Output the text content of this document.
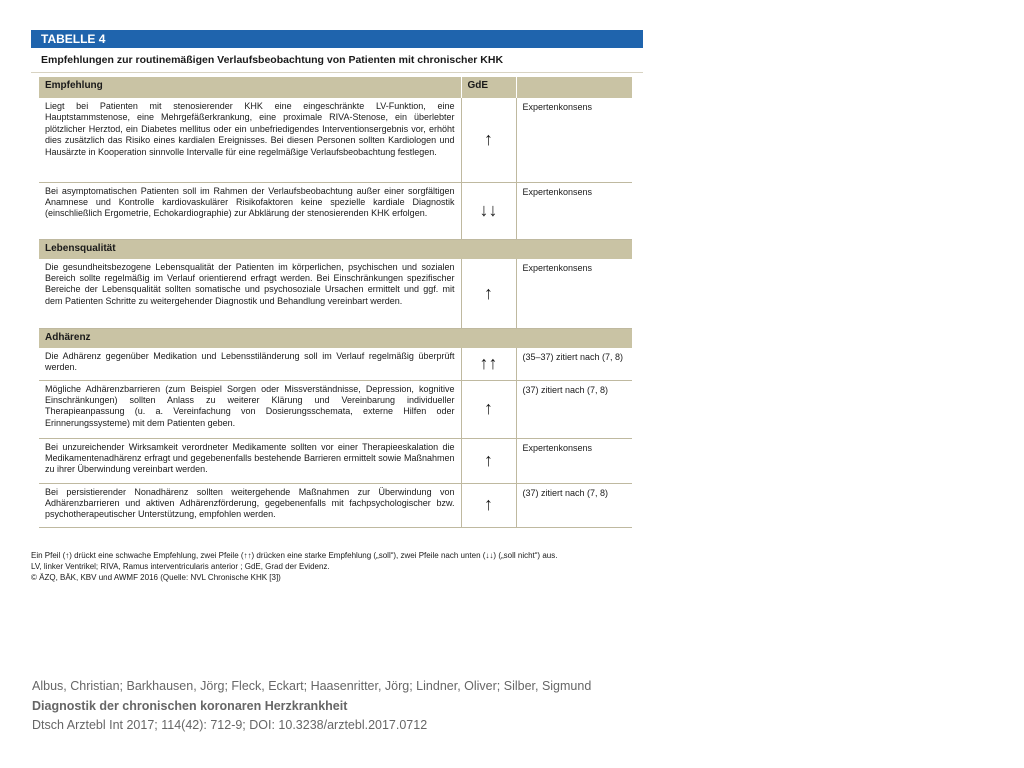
TABELLE 4
Empfehlungen zur routinemäßigen Verlaufsbeobachtung von Patienten mit chronischer KHK
Empfehlung	GdE	
Liegt bei Patienten mit stenosierender KHK eine eingeschränkte LV-Funktion, eine Hauptstammstenose, eine Mehrgefäßerkrankung, eine proximale RIVA-Stenose, ein überlebter plötzlicher Herztod, ein Diabetes mellitus oder ein unbefriedigendes Interventionsergebnis vor, erhöht dies zusätzlich das Risiko eines kardialen Ereignisses. Bei diesen Personen sollten Kardiologen und Hausärzte in Kooperation sinnvolle Intervalle für eine regelmäßige Verlaufsbeobachtung festlegen.	↑	Expertenkonsens
Bei asymptomatischen Patienten soll im Rahmen der Verlaufsbeobachtung außer einer sorgfältigen Anamnese und Kontrolle kardiovaskulärer Risikofaktoren keine spezielle kardiale Diagnostik (einschließlich Ergometrie, Echokardiographie) zur Abklärung der stenosierenden KHK erfolgen.	↓↓	Expertenkonsens
Lebensqualität		
Die gesundheitsbezogene Lebensqualität der Patienten im körperlichen, psychischen und sozialen Bereich sollte regelmäßig im Verlauf orientierend erfragt werden. Bei Einschränkungen spezifischer Bereiche der Lebensqualität sollten somatische und psychosoziale Ursachen ermittelt und ggf. mit dem Patienten Schritte zu weitergehender Diagnostik und Behandlung vereinbart werden.	↑	Expertenkonsens
Adhärenz		
Die Adhärenz gegenüber Medikation und Lebensstiländerung soll im Verlauf regelmäßig überprüft werden.	↑↑	(35–37) zitiert nach (7, 8)
Mögliche Adhärenzbarrieren (zum Beispiel Sorgen oder Missverständnisse, Depression, kognitive Einschränkungen) sollten Anlass zu weiterer Klärung und Vereinbarung individueller Therapieanpassung (u. a. Vereinfachung von Dosierungsschemata, externe Hilfen oder Erinnerungssysteme) mit dem Patienten geben.	↑	(37) zitiert nach (7, 8)
Bei unzureichender Wirksamkeit verordneter Medikamente sollten vor einer Therapieeskalation die Medikamentenadhärenz erfragt und gegebenenfalls bestehende Barrieren ermittelt sowie Maßnahmen zu ihrer Überwindung vereinbart werden.	↑	Expertenkonsens
Bei persistierender Nonadhärenz sollten weitergehende Maßnahmen zur Überwindung von Adhärenzbarrieren und aktiven Adhärenzförderung, gegebenenfalls mit fachpsychologischer bzw. psychotherapeutischer Unterstützung, empfohlen werden.	↑	(37) zitiert nach (7, 8)
Ein Pfeil (↑) drückt eine schwache Empfehlung, zwei Pfeile (↑↑) drücken eine starke Empfehlung („soll“), zwei Pfeile nach unten (↓↓) („soll nicht“) aus.
LV, linker Ventrikel; RIVA, Ramus interventricularis anterior ; GdE, Grad der Evidenz.
© ÄZQ, BÄK, KBV und AWMF 2016 (Quelle: NVL Chronische KHK [3])
Albus, Christian; Barkhausen, Jörg; Fleck, Eckart; Haasenritter, Jörg; Lindner, Oliver; Silber, Sigmund
Diagnostik der chronischen koronaren Herzkrankheit
Dtsch Arztebl Int 2017; 114(42): 712-9; DOI: 10.3238/arztebl.2017.0712
